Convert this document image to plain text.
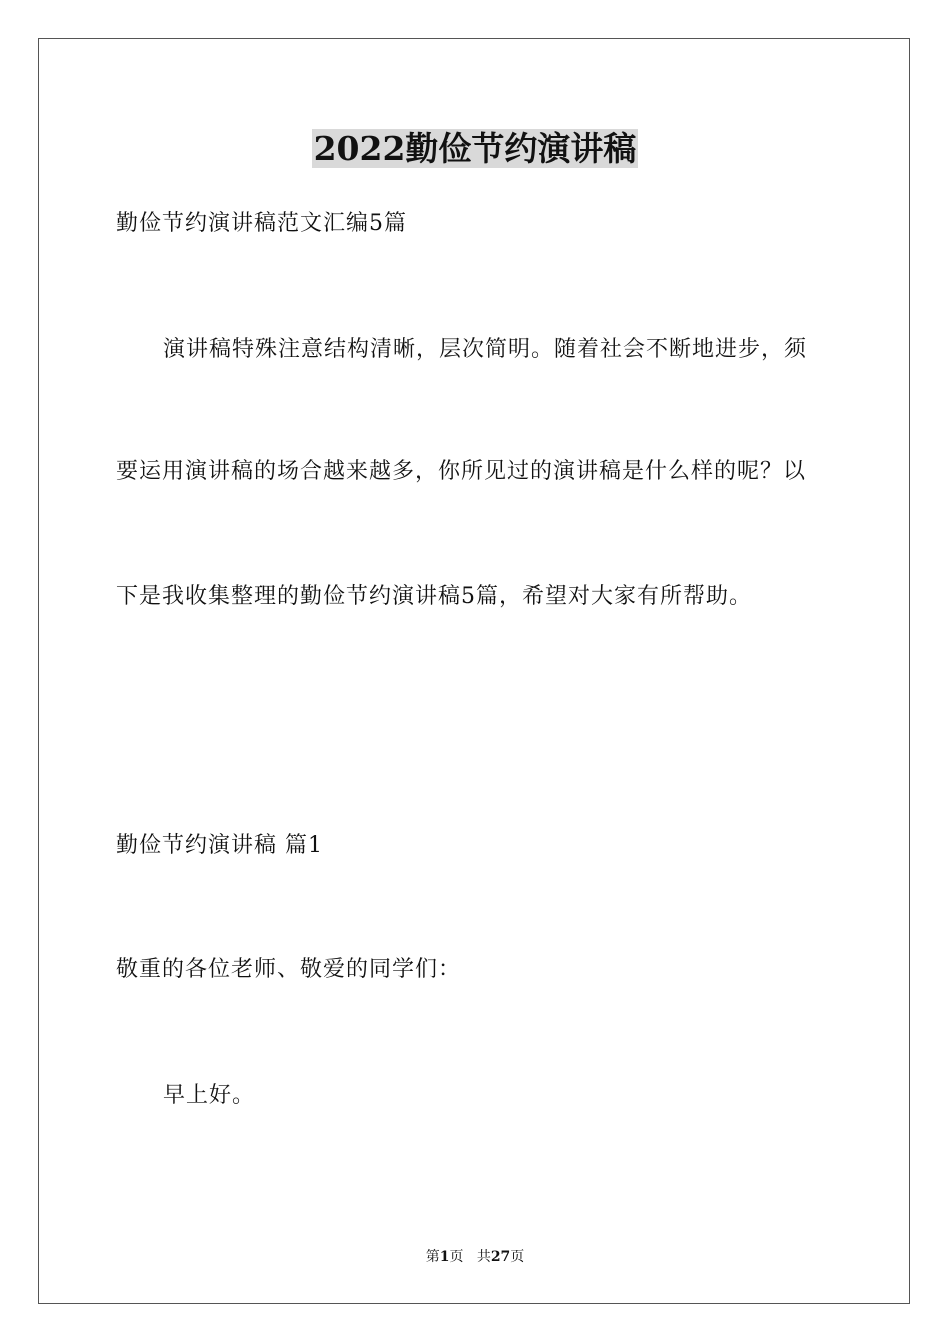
2022勤俭节约演讲稿
勤俭节约演讲稿范文汇编5篇
演讲稿特殊注意结构清晰，层次简明。随着社会不断地进步，须
要运用演讲稿的场合越来越多，你所见过的演讲稿是什么样的呢？以
下是我收集整理的勤俭节约演讲稿5篇，希望对大家有所帮助。
勤俭节约演讲稿 篇1
敬重的各位老师、敬爱的同学们：
早上好。
第1页 共27页
